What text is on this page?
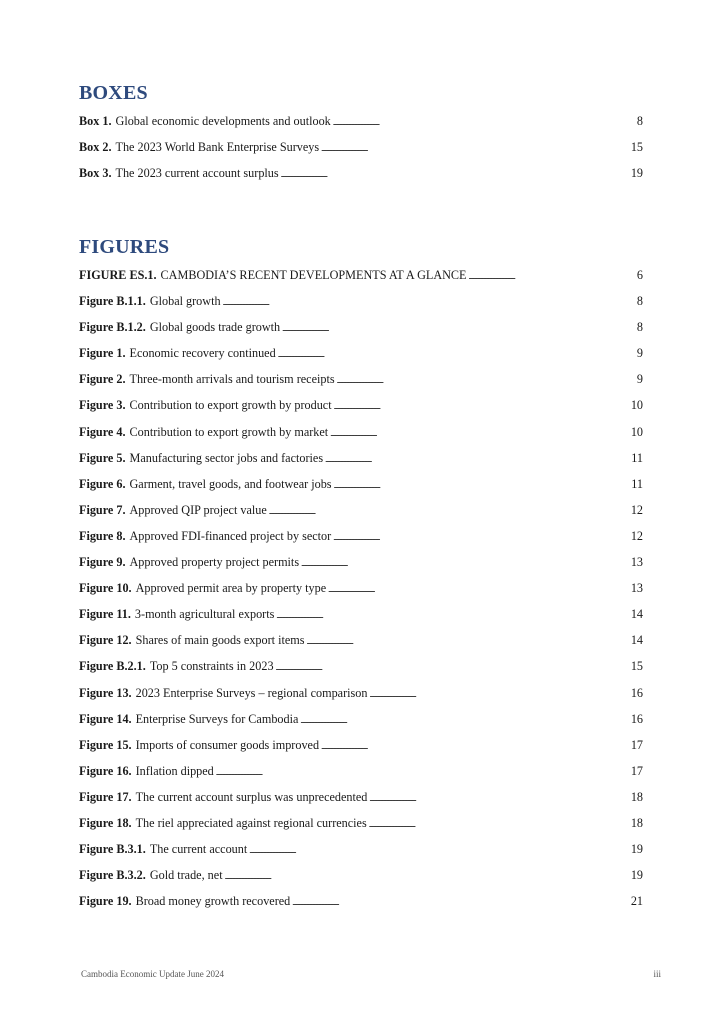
BOXES
Box 1. Global economic developments and outlook . . .	8
Box 2. The 2023 World Bank Enterprise Surveys . . .	15
Box 3. The 2023 current account surplus . . .	19
FIGURES
FIGURE ES.1. CAMBODIA’S RECENT DEVELOPMENTS AT A GLANCE . . .	6
Figure B.1.1. Global growth . . .	8
Figure B.1.2. Global goods trade growth . . .	8
Figure 1. Economic recovery continued . . .	9
Figure 2. Three-month arrivals and tourism receipts . . .	9
Figure 3. Contribution to export growth by product . . .	10
Figure 4. Contribution to export growth by market . . .	10
Figure 5. Manufacturing sector jobs and factories . . .	11
Figure 6. Garment, travel goods, and footwear jobs . . .	11
Figure 7. Approved QIP project value . . .	12
Figure 8. Approved FDI-financed project by sector . . .	12
Figure 9. Approved property project permits . . .	13
Figure 10. Approved permit area by property type . . .	13
Figure 11. 3-month agricultural exports . . .	14
Figure 12. Shares of main goods export items . . .	14
Figure B.2.1. Top 5 constraints in 2023 . . .	15
Figure 13. 2023 Enterprise Surveys – regional comparison . . .	16
Figure 14. Enterprise Surveys for Cambodia . . .	16
Figure 15. Imports of consumer goods improved . . .	17
Figure 16. Inflation dipped . . .	17
Figure 17. The current account surplus was unprecedented . . .	18
Figure 18. The riel appreciated against regional currencies . . .	18
Figure B.3.1. The current account . . .	19
Figure B.3.2. Gold trade, net . . .	19
Figure 19. Broad money growth recovered . . .	21
Cambodia Economic Update June 2024	iii
